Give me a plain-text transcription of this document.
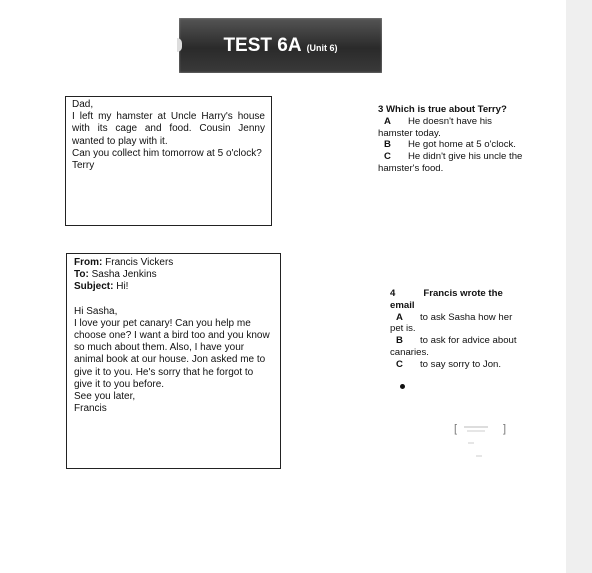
TEST 6A (Unit 6)
Dad,
I left my hamster at Uncle Harry's house with its cage and food. Cousin Jenny wanted to play with it.
Can you collect him tomorrow at 5 o'clock?
Terry
From: Francis Vickers
To: Sasha Jenkins
Subject: Hi!
Hi Sasha,
I love your pet canary! Can you help me choose one? I want a bird too and you know so much about them. Also, I have your animal book at our house. Jon asked me to give it to you. He's sorry that he forgot to give it to you before.
See you later,
Francis
3 Which is true about Terry?
A He doesn't have his hamster today.
B He got home at 5 o'clock.
C He didn't give his uncle the hamster's food.
4	Francis wrote the email
A to ask Sasha how her pet is.
B to ask for advice about canaries.
C to say sorry to Jon.
[	]
